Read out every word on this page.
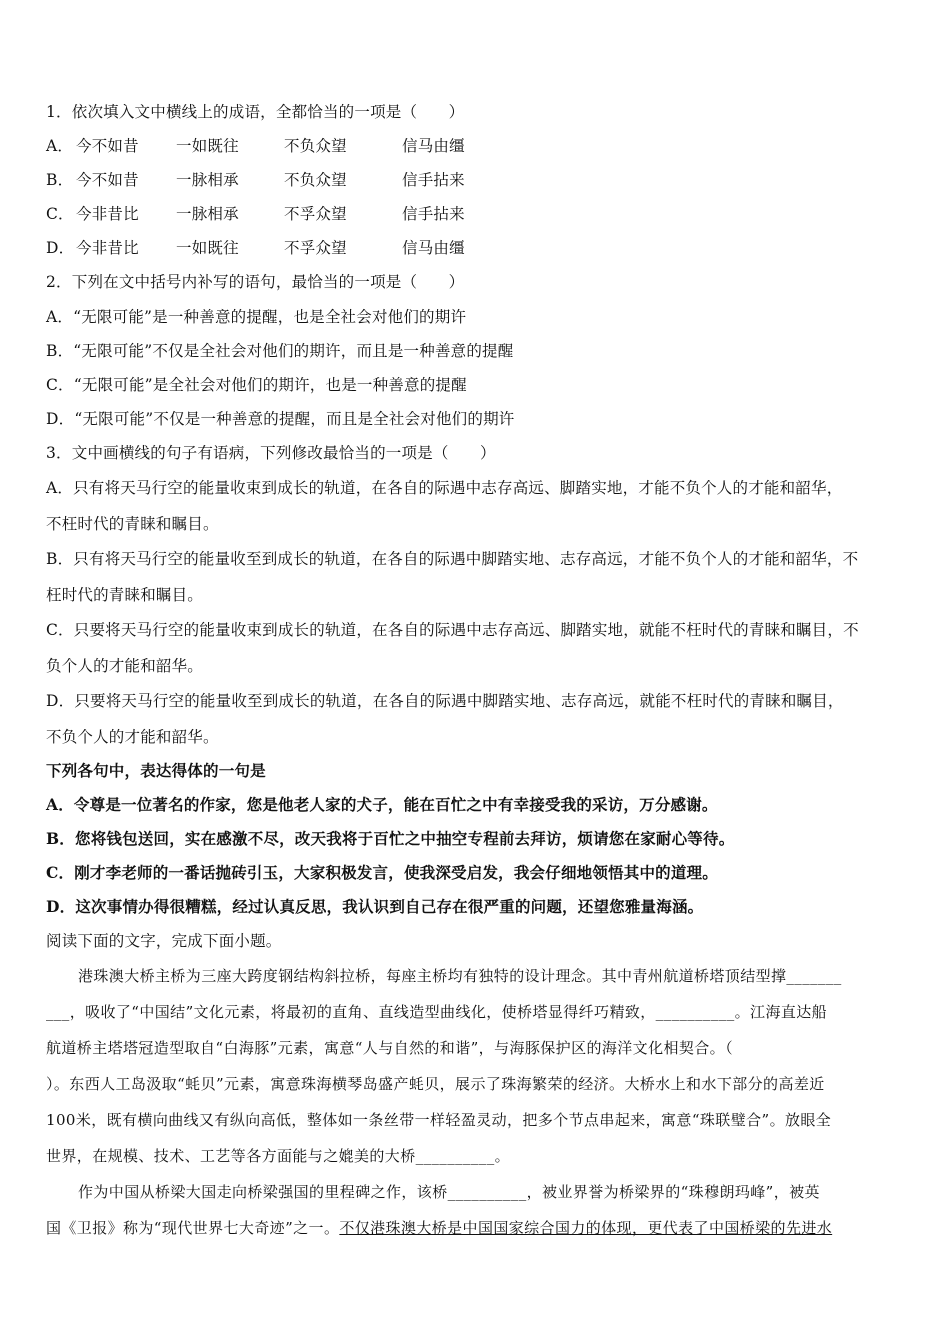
1．依次填入文中横线上的成语，全都恰当的一项是（　　）
A． 今不如昔 一如既往	不负众望	信马由缰
B． 今不如昔 一脉相承	不负众望	信手拈来
C． 今非昔比 一脉相承	不孚众望	信手拈来
D． 今非昔比 一如既往	不孚众望	信马由缰
2．下列在文中括号内补写的语句，最恰当的一项是（　　）
A．“无限可能”是一种善意的提醒，也是全社会对他们的期许
B．“无限可能”不仅是全社会对他们的期许，而且是一种善意的提醒
C．“无限可能”是全社会对他们的期许，也是一种善意的提醒
D．“无限可能”不仅是一种善意的提醒，而且是全社会对他们的期许
3．文中画横线的句子有语病，下列修改最恰当的一项是（　　）
A．只有将天马行空的能量收束到成长的轨道，在各自的际遇中志存高远、脚踏实地，才能不负个人的才能和韶华，
不枉时代的青睐和瞩目。
B．只有将天马行空的能量收至到成长的轨道，在各自的际遇中脚踏实地、志存高远，才能不负个人的才能和韶华，不
枉时代的青睐和瞩目。
C．只要将天马行空的能量收束到成长的轨道，在各自的际遇中志存高远、脚踏实地，就能不枉时代的青睐和瞩目，不
负个人的才能和韶华。
D．只要将天马行空的能量收至到成长的轨道，在各自的际遇中脚踏实地、志存高远，就能不枉时代的青睐和瞩目，
不负个人的才能和韶华。
下列各句中，表达得体的一句是
A．令尊是一位著名的作家，您是他老人家的犬子，能在百忙之中有幸接受我的采访，万分感谢。
B．您将钱包送回，实在感激不尽，改天我将于百忙之中抽空专程前去拜访，烦请您在家耐心等待。
C．刚才李老师的一番话抛砖引玉，大家积极发言，使我深受启发，我会仔细地领悟其中的道理。
D．这次事情办得很糟糕，经过认真反思，我认识到自己存在很严重的问题，还望您雅量海涵。
阅读下面的文字，完成下面小题。
港珠澳大桥主桥为三座大跨度钢结构斜拉桥，每座主桥均有独特的设计理念。其中青州航道桥塔顶结型撑_______
___，吸收了“中国结”文化元素，将最初的直角、直线造型曲线化，使桥塔显得纤巧精致，__________。江海直达船
航道桥主塔塔冠造型取自“白海豚”元素，寓意“人与自然的和谐”，与海豚保护区的海洋文化相契合。（
）。东西人工岛汲取“蚝贝”元素，寓意珠海横琴岛盛产蚝贝，展示了珠海繁荣的经济。大桥水上和水下部分的高差近
100米，既有横向曲线又有纵向高低，整体如一条丝带一样轻盈灵动，把多个节点串起来，寓意“珠联璧合”。放眼全
世界，在规模、技术、工艺等各方面能与之媲美的大桥__________。
作为中国从桥梁大国走向桥梁强国的里程碑之作，该桥__________，被业界誉为桥梁界的“珠穆朗玛峰”，被英
国《卫报》称为“现代世界七大奇迹”之一。不仅港珠澳大桥是中国国家综合国力的体现，更代表了中国桥梁的先进水
